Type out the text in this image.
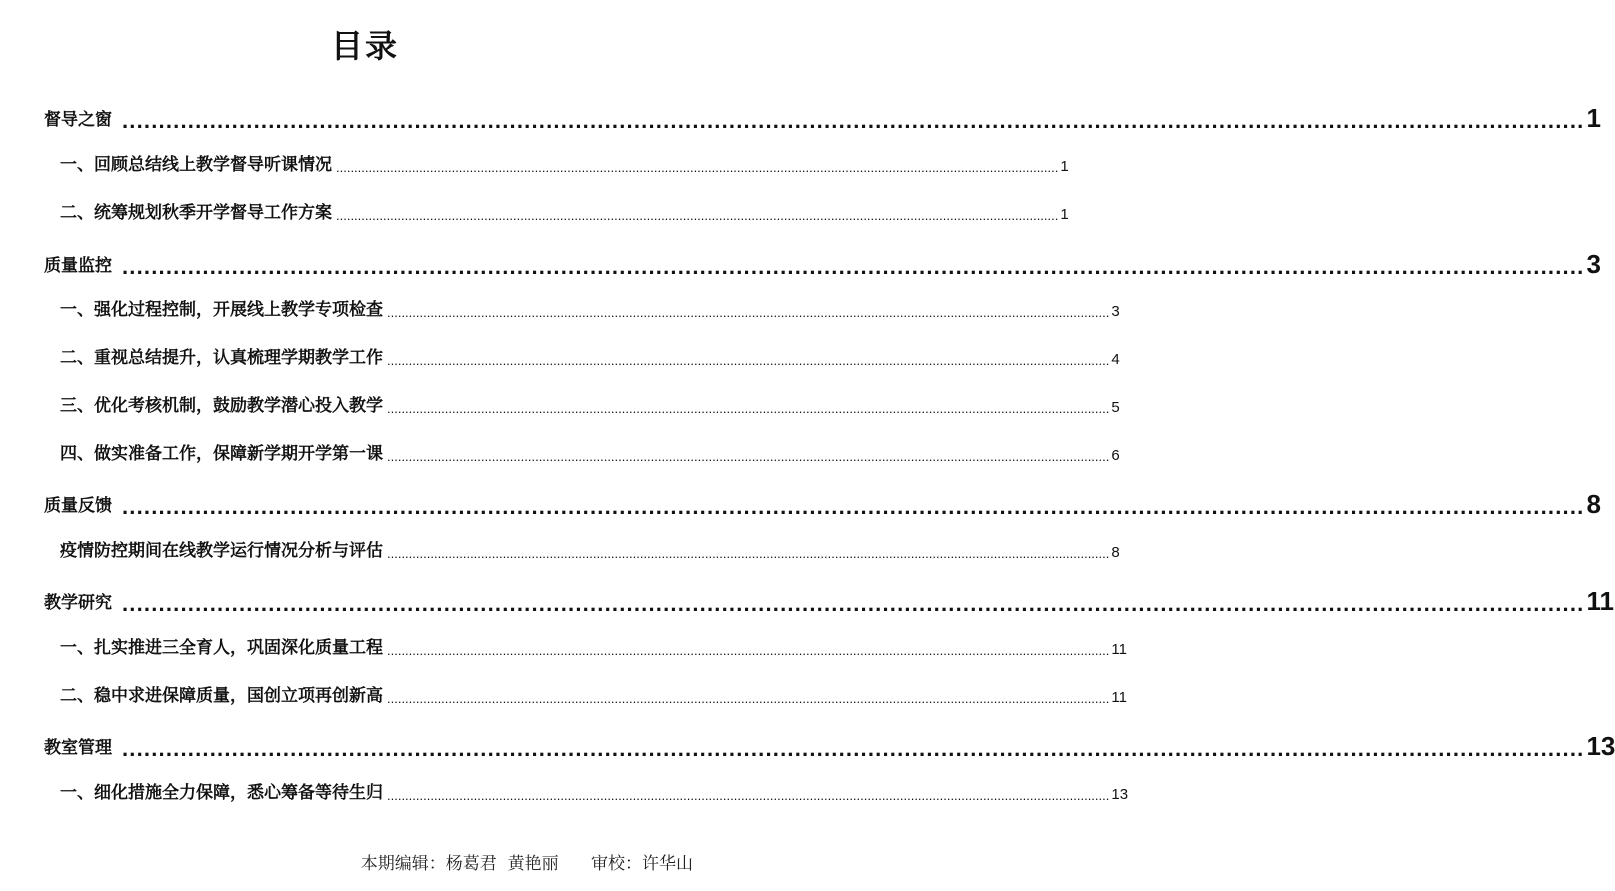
目录
督导之窗 ........................................................................................................................................................................................................ 1
一、回顾总结线上教学督导听课情况 ........................................................................................................................................................................................................ 1
二、统筹规划秋季开学督导工作方案 ........................................................................................................................................................................................................ 1
质量监控 ........................................................................................................................................................................................................ 3
一、强化过程控制，开展线上教学专项检查 ........................................................................................................................................................................................................ 3
二、重视总结提升，认真梳理学期教学工作 ........................................................................................................................................................................................................ 4
三、优化考核机制，鼓励教学潜心投入教学 ........................................................................................................................................................................................................ 5
四、做实准备工作，保障新学期开学第一课 ........................................................................................................................................................................................................ 6
质量反馈 ........................................................................................................................................................................................................ 8
疫情防控期间在线教学运行情况分析与评估 ........................................................................................................................................................................................................ 8
教学研究 ........................................................................................................................................................................................................ 11
一、扎实推进三全育人，巩固深化质量工程 ........................................................................................................................................................................................................ 11
二、稳中求进保障质量，国创立项再创新高 ........................................................................................................................................................................................................ 11
教室管理 ........................................................................................................................................................................................................ 13
一、细化措施全力保障，悉心筹备等待生归 ........................................................................................................................................................................................................ 13
本期编辑：杨葛君  黄艳丽      审校：许华山
